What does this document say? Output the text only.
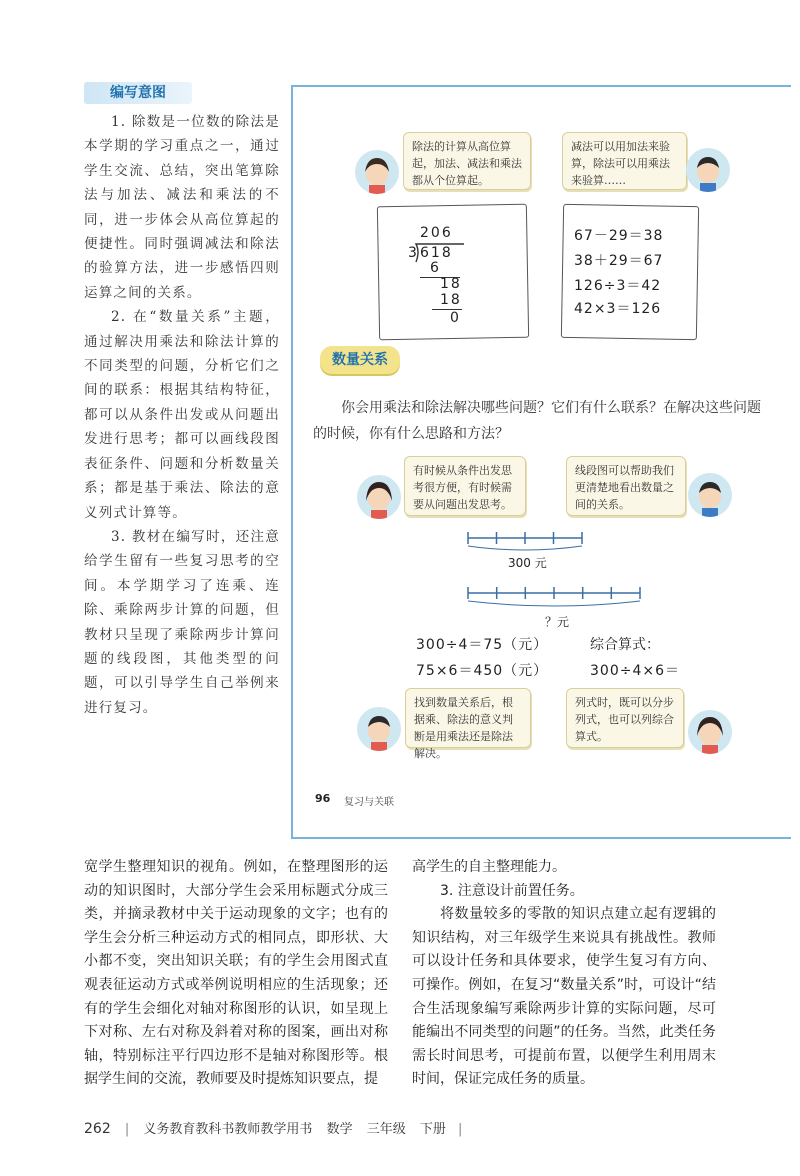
编写意图

1. 除数是一位数的除法是本学期的学习重点之一，通过学生交流、总结，突出笔算除法与加法、减法和乘法的不同，进一步体会从高位算起的便捷性。同时强调减法和除法的验算方法，进一步感悟四则运算之间的关系。

2. 在“数量关系”主题，通过解决用乘法和除法计算的不同类型的问题，分析它们之间的联系：根据其结构特征，都可以从条件出发或从问题出发进行思考；都可以画线段图表征条件、问题和分析数量关系；都是基于乘法、除法的意义列式计算等。

3. 教材在编写时，还注意给学生留有一些复习思考的空间。本学期学习了连乘、连除、乘除两步计算的问题，但教材只呈现了乘除两步计算问题的线段图，其他类型的问题，可以引导学生自己举例来进行复习。

除法的计算从高位算起，加法、减法和乘法都从个位算起。
减法可以用加法来验算，除法可以用乘法来验算……
206
3 618
6
18
18
0
67－29＝38
38＋29＝67
126÷3＝42
42×3＝126
数量关系
你会用乘法和除法解决哪些问题？它们有什么联系？在解决这些问题的时候，你有什么思路和方法？
有时候从条件出发思考很方便，有时候需要从问题出发思考。
线段图可以帮助我们更清楚地看出数量之间的关系。
300 元
？元
300÷4＝75（元）
75×6＝450（元）
综合算式：
300÷4×6＝
找到数量关系后，根据乘、除法的意义判断是用乘法还是除法解决。
列式时，既可以分步列式，也可以列综合算式。
96 复习与关联

宽学生整理知识的视角。例如，在整理图形的运动的知识图时，大部分学生会采用标题式分成三类，并摘录教材中关于运动现象的文字；也有的学生会分析三种运动方式的相同点，即形状、大小都不变，突出知识关联；有的学生会用图式直观表征运动方式或举例说明相应的生活现象；还有的学生会细化对轴对称图形的认识，如呈现上下对称、左右对称及斜着对称的图案，画出对称轴，特别标注平行四边形不是轴对称图形等。根据学生间的交流，教师要及时提炼知识要点，提

高学生的自主整理能力。

3. 注意设计前置任务。

将数量较多的零散的知识点建立起有逻辑的知识结构，对三年级学生来说具有挑战性。教师可以设计任务和具体要求，使学生复习有方向、可操作。例如，在复习“数量关系”时，可设计“结合生活现象编写乘除两步计算的实际问题，尽可能编出不同类型的问题”的任务。当然，此类任务需长时间思考，可提前布置，以便学生利用周末时间，保证完成任务的质量。

262 | 义务教育教科书教师教学用书 数学 三年级 下册 |
